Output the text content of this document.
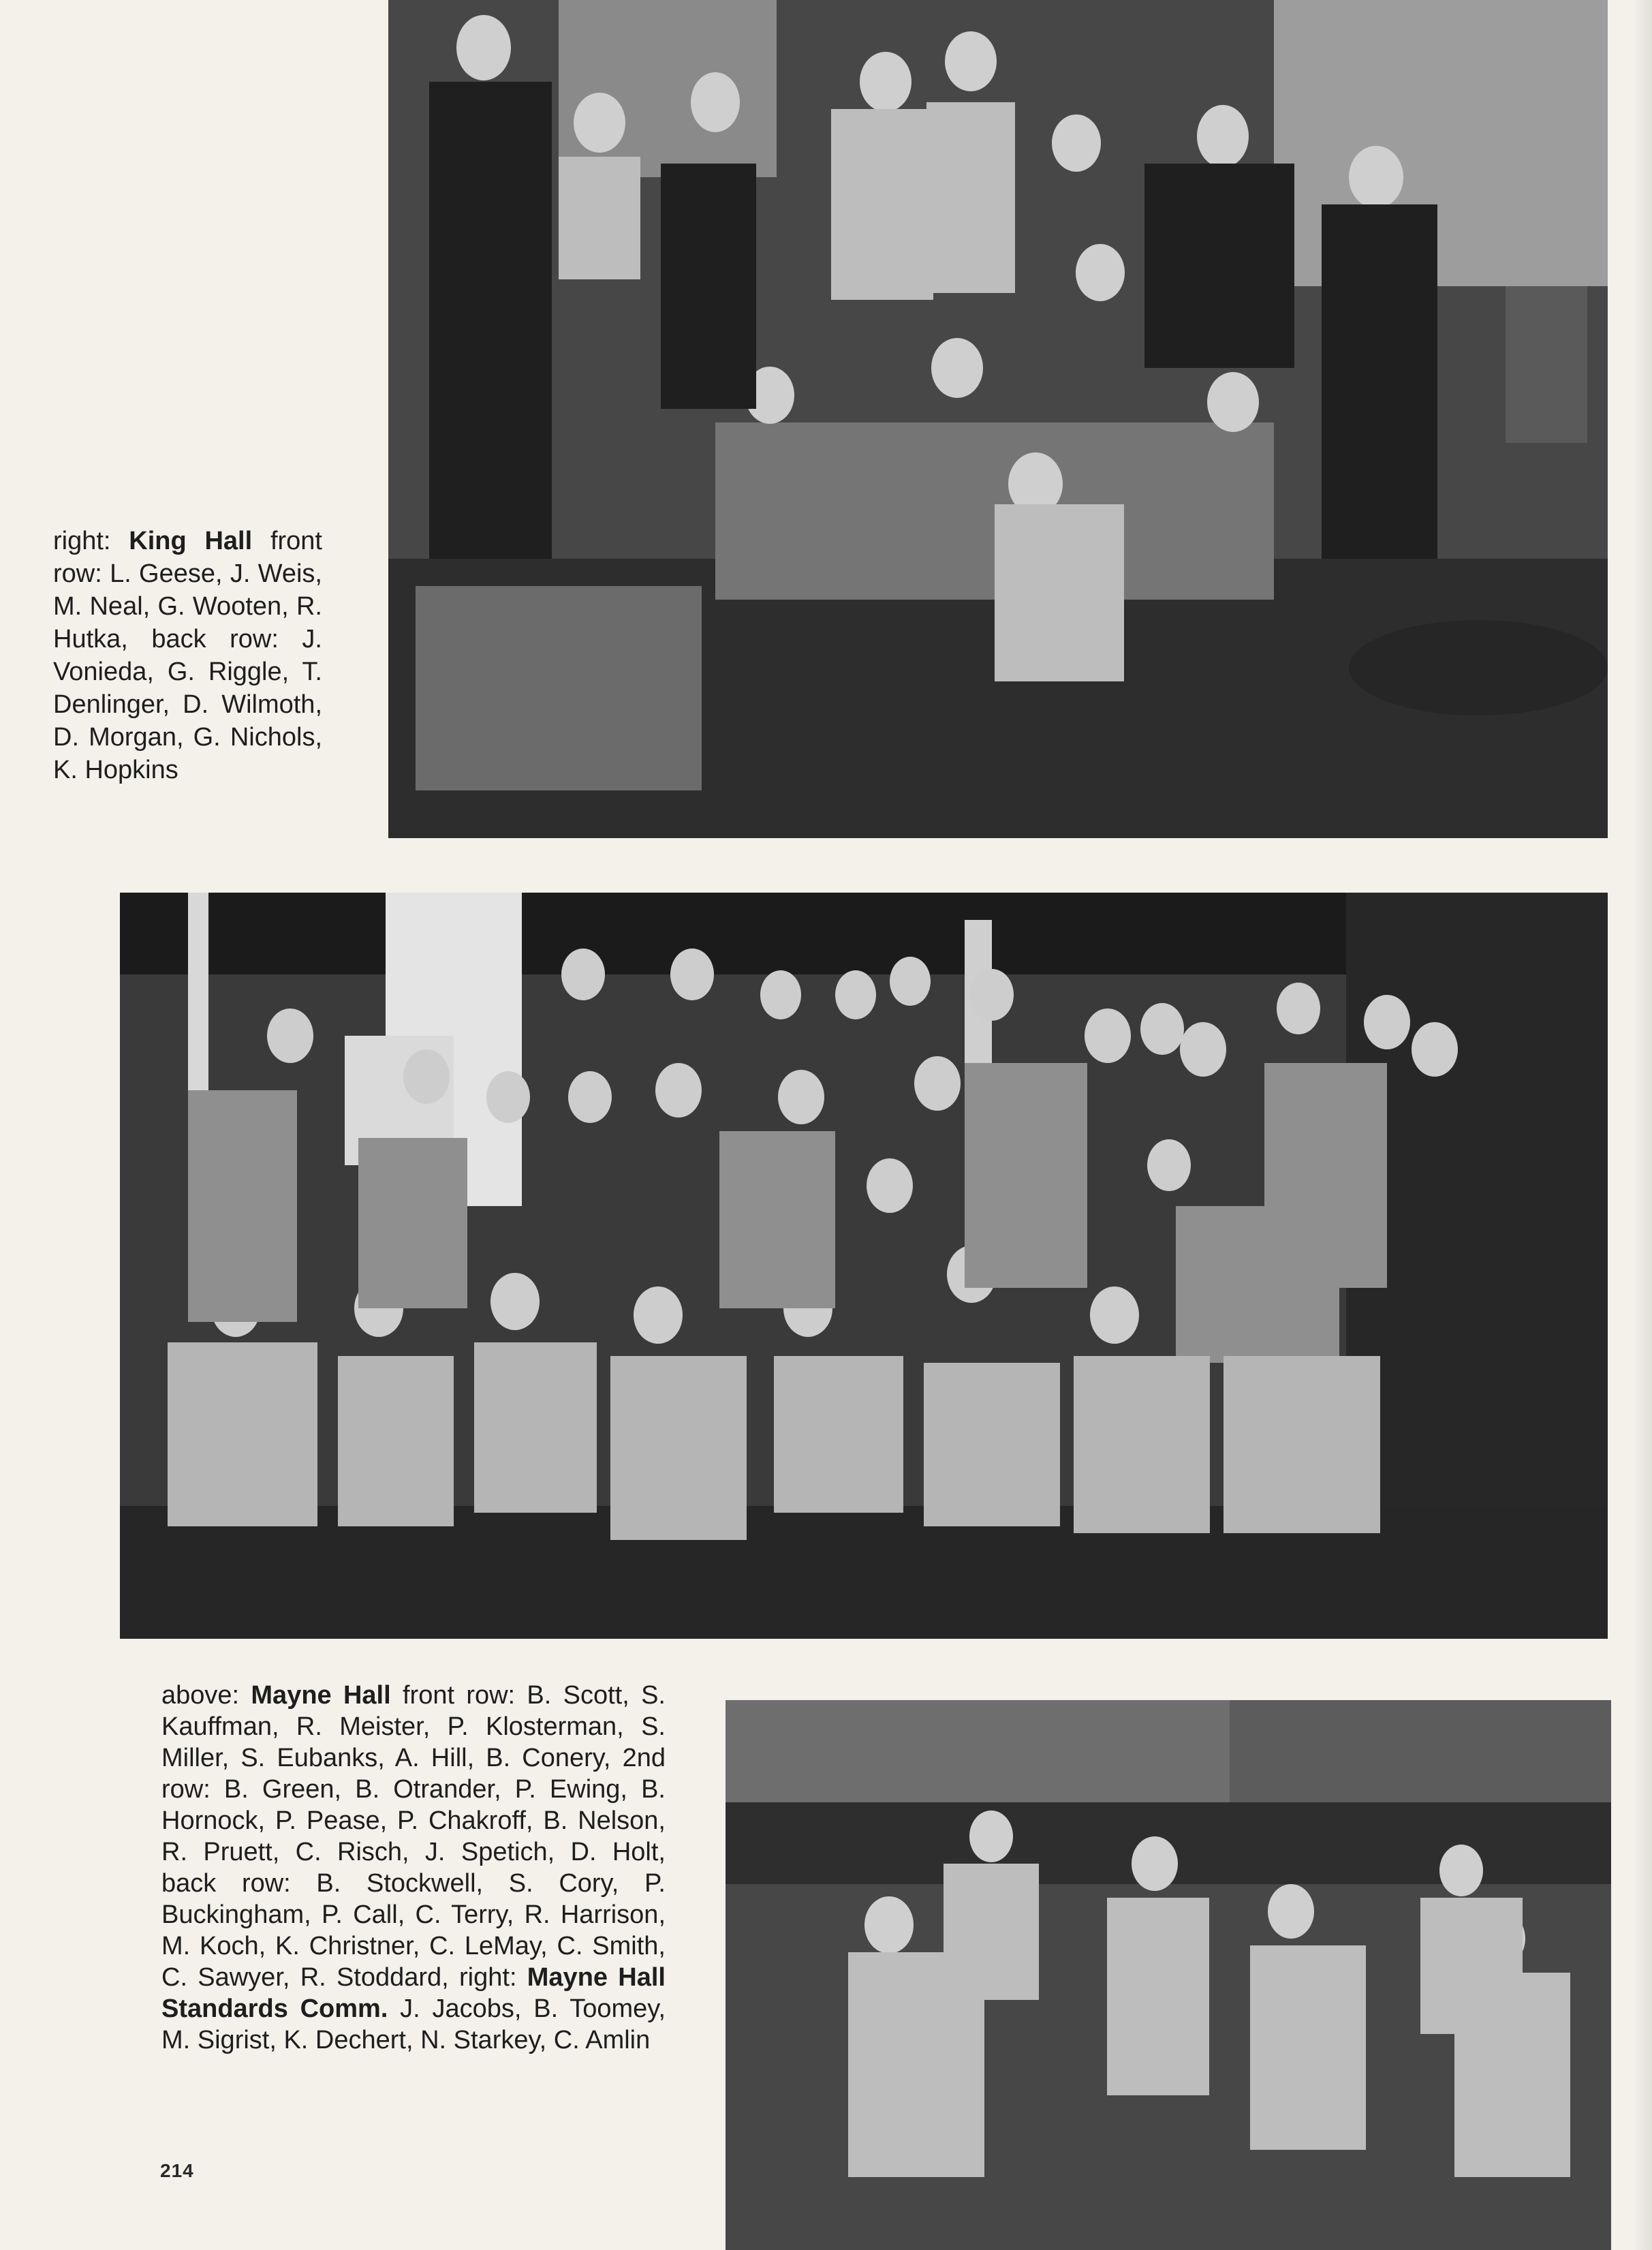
right: King Hall front row: L. Geese, J. Weis, M. Neal, G. Wooten, R. Hutka, back row: J. Vonieda, G. Riggle, T. Denlinger, D. Wilmoth, D. Morgan, G. Nichols, K. Hopkins
above: Mayne Hall front row: B. Scott, S. Kauffman, R. Meister, P. Klosterman, S. Miller, S. Eubanks, A. Hill, B. Conery, 2nd row: B. Green, B. Otrander, P. Ewing, B. Hornock, P. Pease, P. Chakroff, B. Nelson, R. Pruett, C. Risch, J. Spetich, D. Holt, back row: B. Stockwell, S. Cory, P. Buckingham, P. Call, C. Terry, R. Harrison, M. Koch, K. Christner, C. LeMay, C. Smith, C. Sawyer, R. Stoddard, right: Mayne Hall Standards Comm. J. Jacobs, B. Toomey, M. Sigrist, K. Dechert, N. Starkey, C. Amlin
214
